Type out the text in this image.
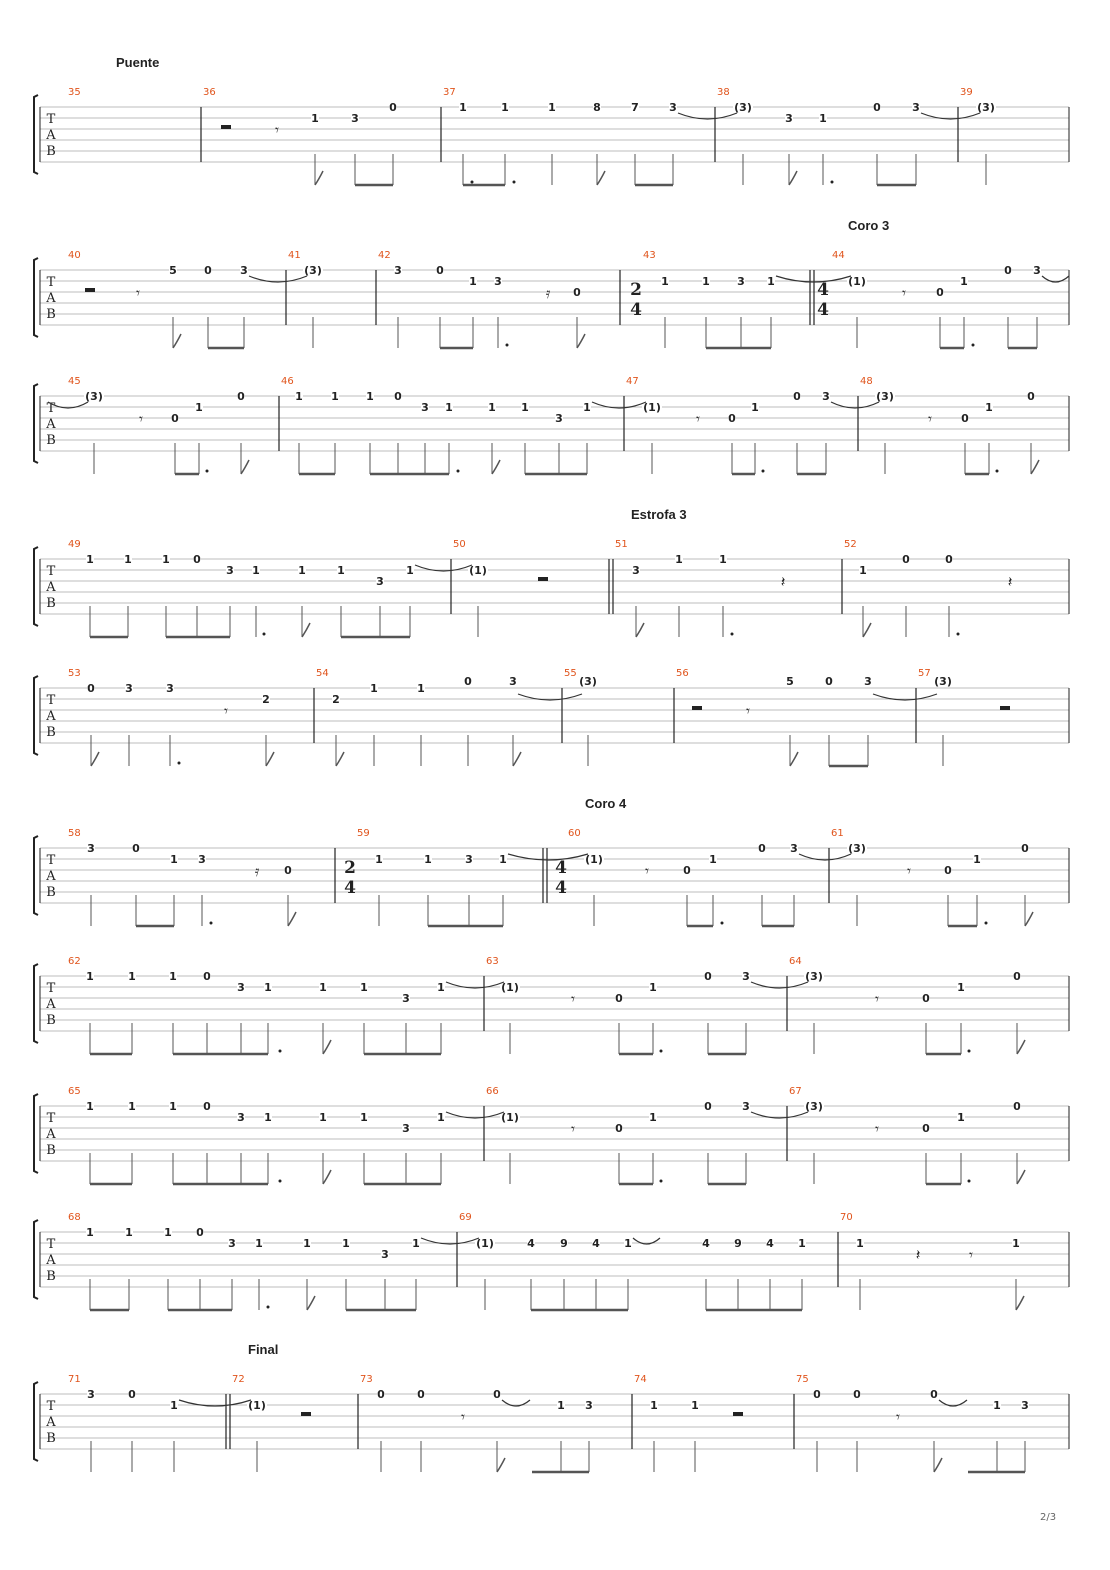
Puente
T
A
B
35	36	37	38	39
1	3
0	1	1	1	8	7	3	(3)
3 1
0	3	(3)
𝄾
Coro 3
T
A
B
40	41	42	43	44
2
4
4
4
5 0	3	(3)	3	0
1 3
0
1	1 3 1	(1)
0
1
0 3
𝄾	𝄿	𝄾
T
A
B
45	46	47	48
(3)
0
1
0	1	1 1 0
3 1	1 1
3
1	(1)
0
1
0 3	(3)
0
1
0
𝄾	𝄾	𝄾
Estrofa 3
T
A
B
49	50	51	52
1	1	1 0
3 1	1	1
3
1	(1)	3
1	1
1
0	0
𝄽	𝄽
T
A
B
53	54	55	56	57
0	3	3
2	2
1	1
0	3	(3)	5	0	3	(3)
𝄾	𝄾
Coro 4
T
A
B
58	59	60	61
2
4
4
4
3	0
1 3
0
1	1	3 1	(1)
0
1
0 3	(3)
0
1
0
𝄿	𝄾	𝄾
T
A
B
62	63	64
1	1	1 0
3 1	1	1
3
1	(1)
0
1
0	3	(3)
0
1
0
𝄾	𝄾
T
A
B
65	66	67
1	1	1 0
3 1	1	1
3
1	(1)
0
1
0	3	(3)
0
1
0
𝄾	𝄾
T
A
B
68	69	70
1	1	1 0
3 1	1	1
3
1	(1)	4 9 4 1	4 9 4 1	1	1
𝄽	𝄾
Final
T
A
B
71	72	73	74	75
3	0
1	(1)
0	0	0
1 3	1	1
0	0	0
1 3
𝄾	𝄾
2/3
